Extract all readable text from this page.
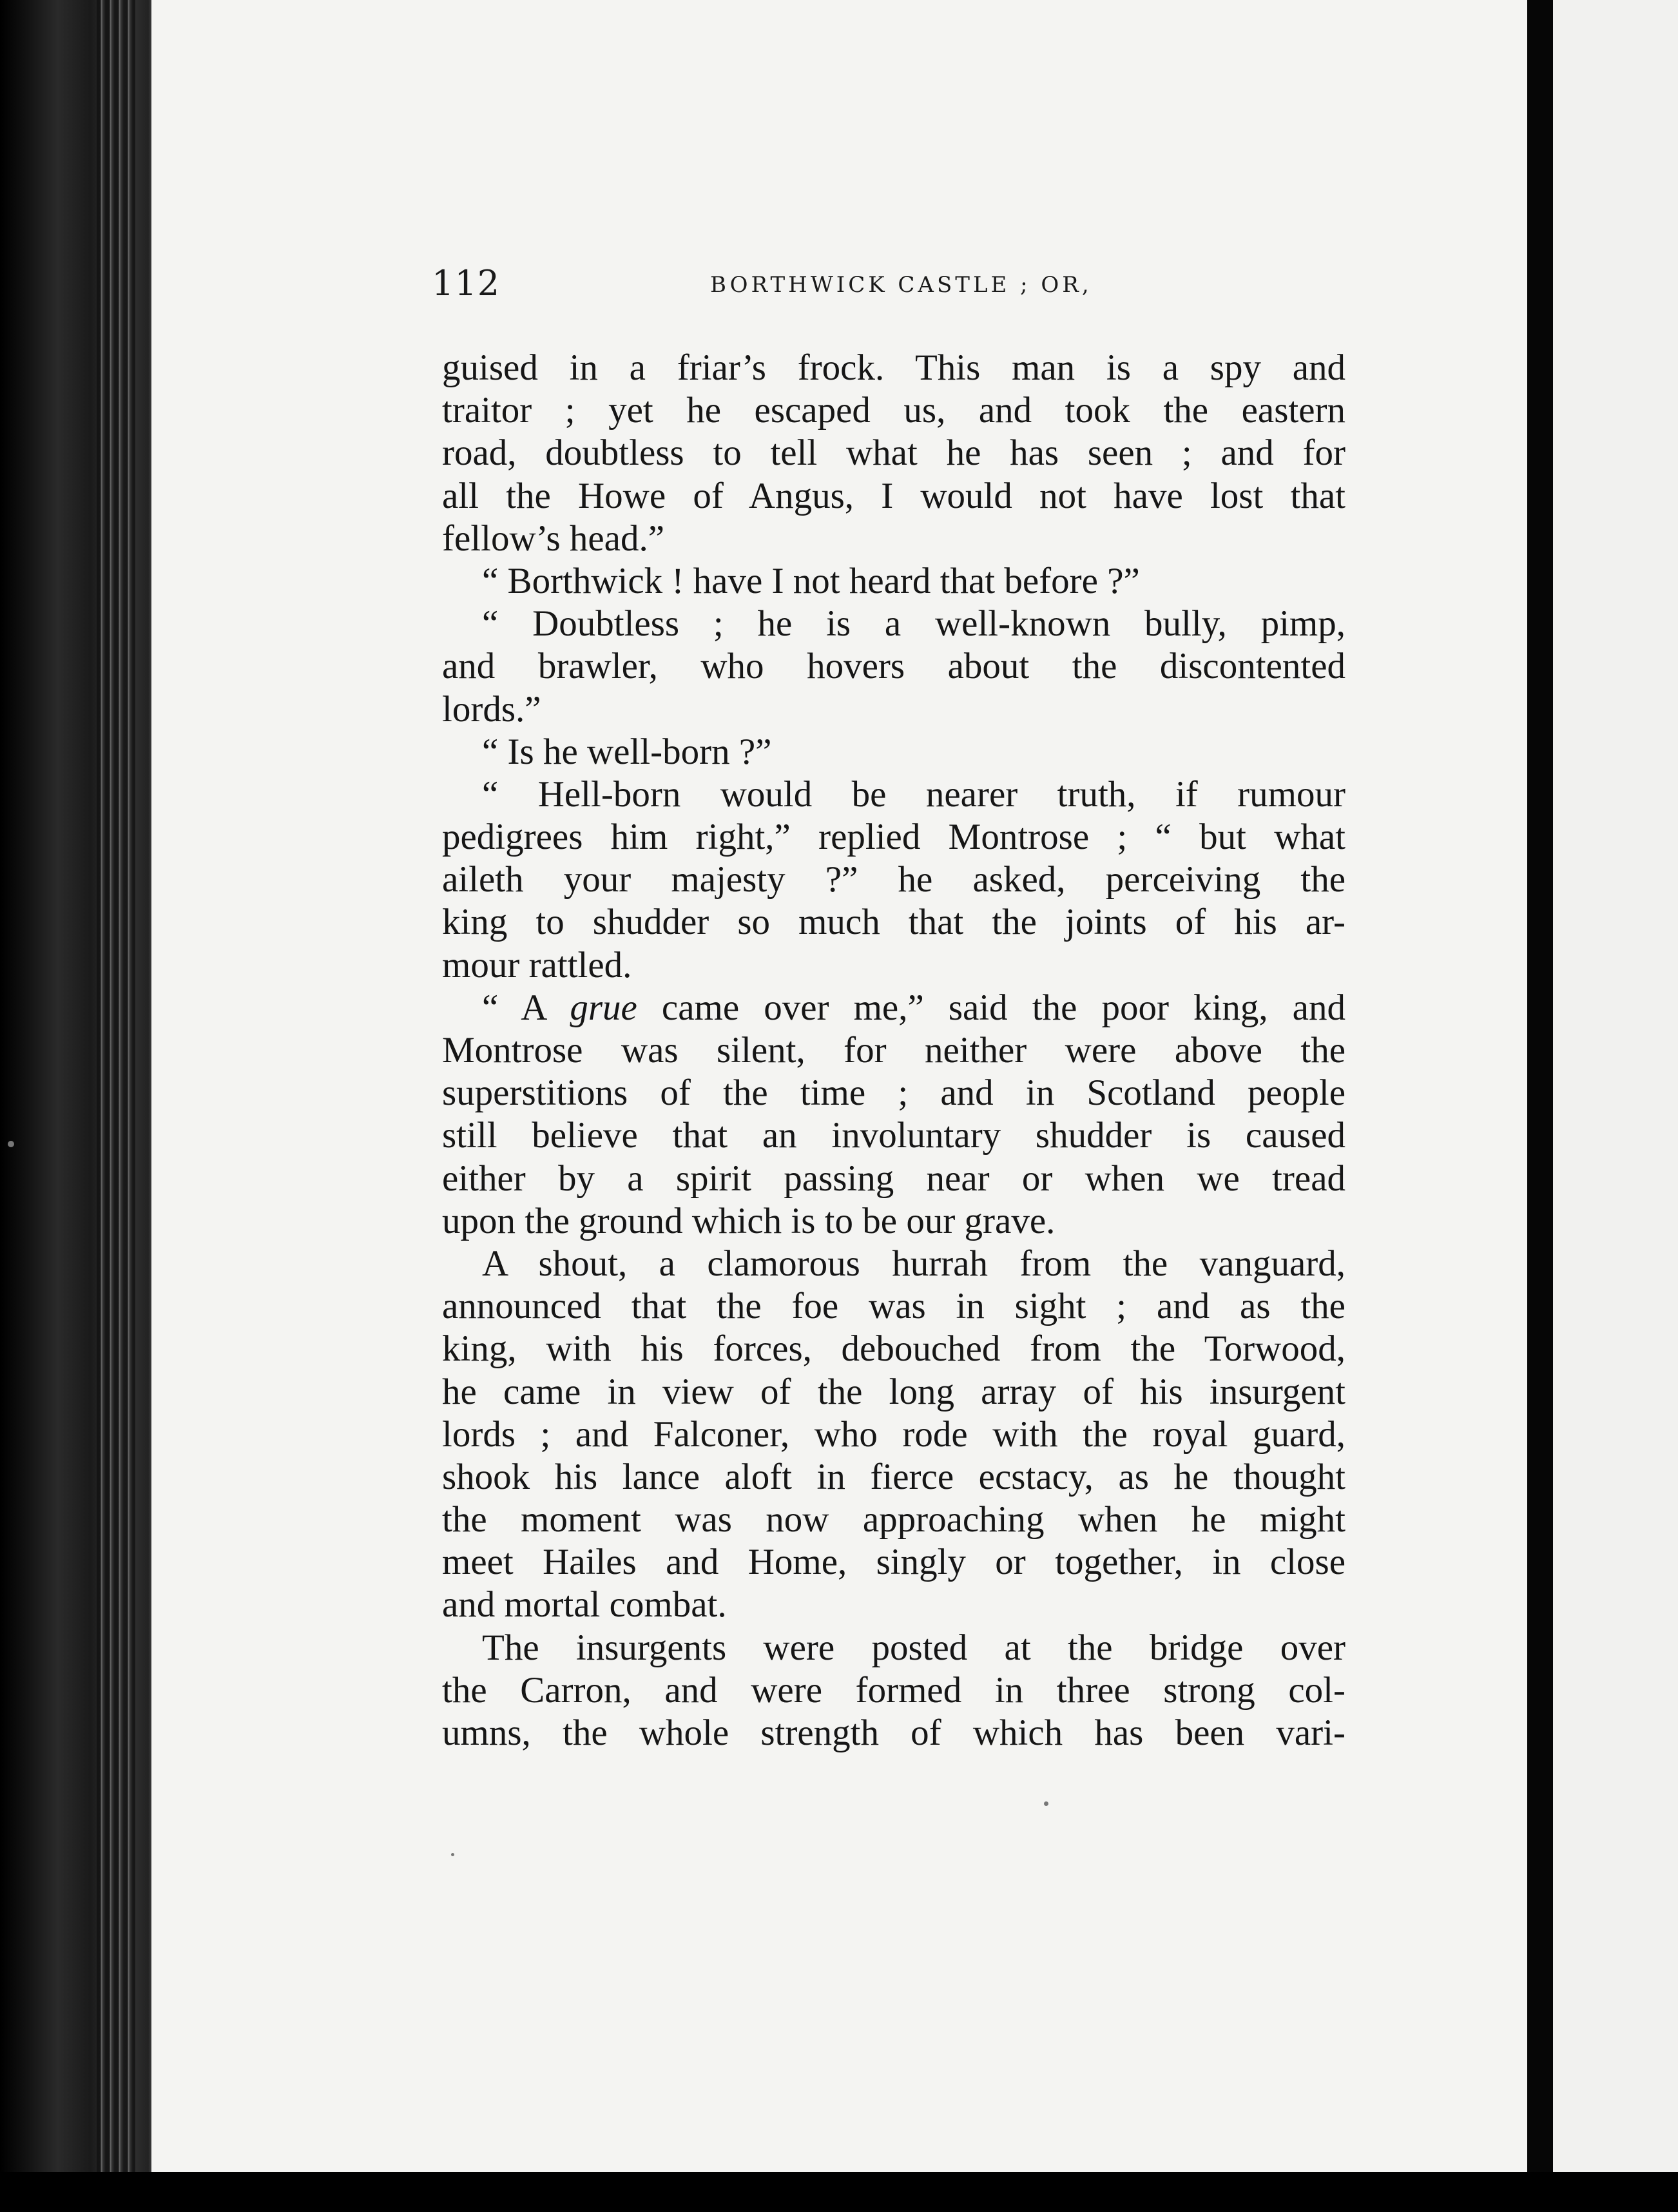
112	BORTHWICK CASTLE ; OR,
guised in a friar’s frock. This man is a spy and
traitor ; yet he escaped us, and took the eastern
road, doubtless to tell what he has seen ; and for
all the Howe of Angus, I would not have lost that
fellow’s head.”
“ Borthwick ! have I not heard that before ?”
“ Doubtless ; he is a well-known bully, pimp,
and brawler, who hovers about the discontented
lords.”
“ Is he well-born ?”
“ Hell-born would be nearer truth, if rumour
pedigrees him right,” replied Montrose ; “ but what
aileth your majesty ?” he asked, perceiving the
king to shudder so much that the joints of his ar-
mour rattled.
“ A grue came over me,” said the poor king, and
Montrose was silent, for neither were above the
superstitions of the time ; and in Scotland people
still believe that an involuntary shudder is caused
either by a spirit passing near or when we tread
upon the ground which is to be our grave.
A shout, a clamorous hurrah from the vanguard,
announced that the foe was in sight ; and as the
king, with his forces, debouched from the Torwood,
he came in view of the long array of his insurgent
lords ; and Falconer, who rode with the royal guard,
shook his lance aloft in fierce ecstacy, as he thought
the moment was now approaching when he might
meet Hailes and Home, singly or together, in close
and mortal combat.
The insurgents were posted at the bridge over
the Carron, and were formed in three strong col-
umns, the whole strength of which has been vari-
